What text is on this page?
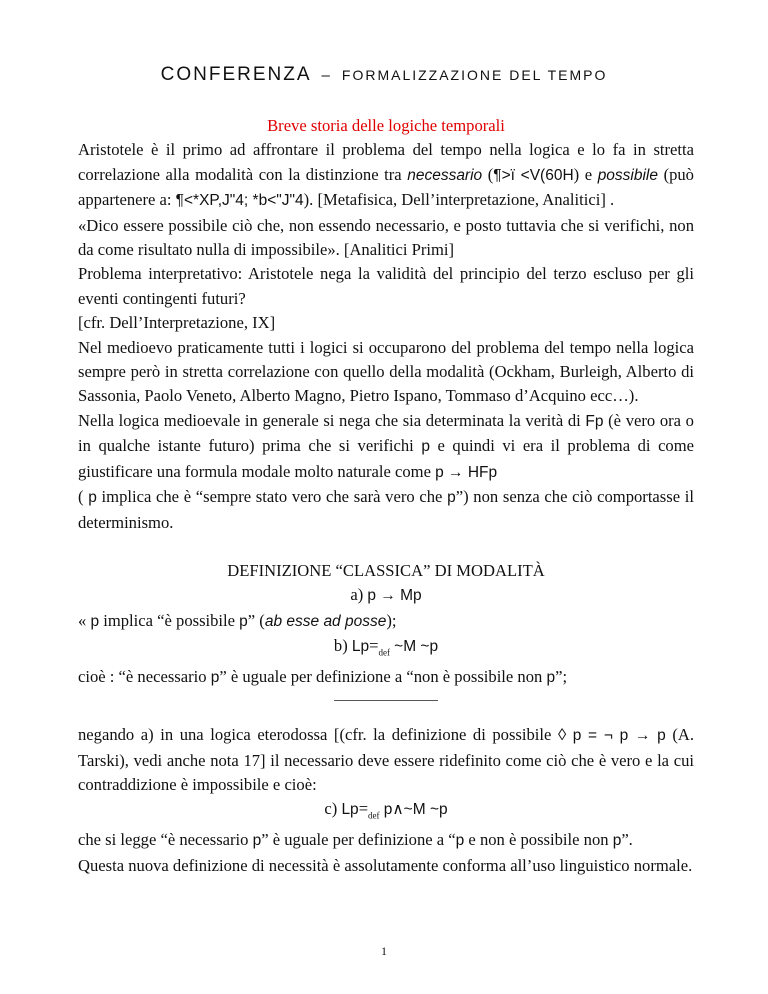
CONFERENZA – FORMALIZZAZIONE DEL TEMPO

Breve storia delle logiche temporali

Aristotele è il primo ad affrontare il problema del tempo nella logica e lo fa in stretta correlazione alla modalità con la distinzione tra necessario (¶>ï <V(60H) e possibile (può appartenere a: ¶<*XP,J"4; *b<"J"4). [Metafisica, Dell’interpretazione, Analitici] .

«Dico essere possibile ciò che, non essendo necessario, e posto tuttavia che si verifichi, non da come risultato nulla di impossibile». [Analitici Primi]

Problema interpretativo: Aristotele nega la validità del principio del terzo escluso per gli eventi contingenti futuri?

[cfr. Dell’Interpretazione, IX]

Nel medioevo praticamente tutti i logici si occuparono del problema del tempo nella logica sempre però in stretta correlazione con quello della modalità (Ockham, Burleigh, Alberto di Sassonia, Paolo Veneto, Alberto Magno, Pietro Ispano, Tommaso d’Acquino ecc…).

Nella logica medioevale in generale si nega che sia determinata la verità di Fp (è vero ora o in qualche istante futuro) prima che si verifichi p e quindi vi era il problema di come giustificare una formula modale molto naturale come p → HFp

( p implica che è “sempre stato vero che sarà vero che p”) non senza che ciò comportasse il determinismo.

DEFINIZIONE “CLASSICA” DI MODALITÀ

a) p → Mp

« p implica “è possibile p” (ab esse ad posse);

b) $Lp=_{def}$ ~M ~p

cioè : “è necessario p” è uguale per definizione a “non è possibile non p”;

negando a) in una logica eterodossa [(cfr. la definizione di possibile ◊ p = ¬ p → p (A. Tarski), vedi anche nota 17] il necessario deve essere ridefinito come ciò che è vero e la cui contraddizione è impossibile e cioè:

c) $Lp=_{def}$ p∧~M ~p

che si legge “è necessario p” è uguale per definizione a “p e non è possibile non p”.

Questa nuova definizione di necessità è assolutamente conforma all’uso linguistico normale.

1
